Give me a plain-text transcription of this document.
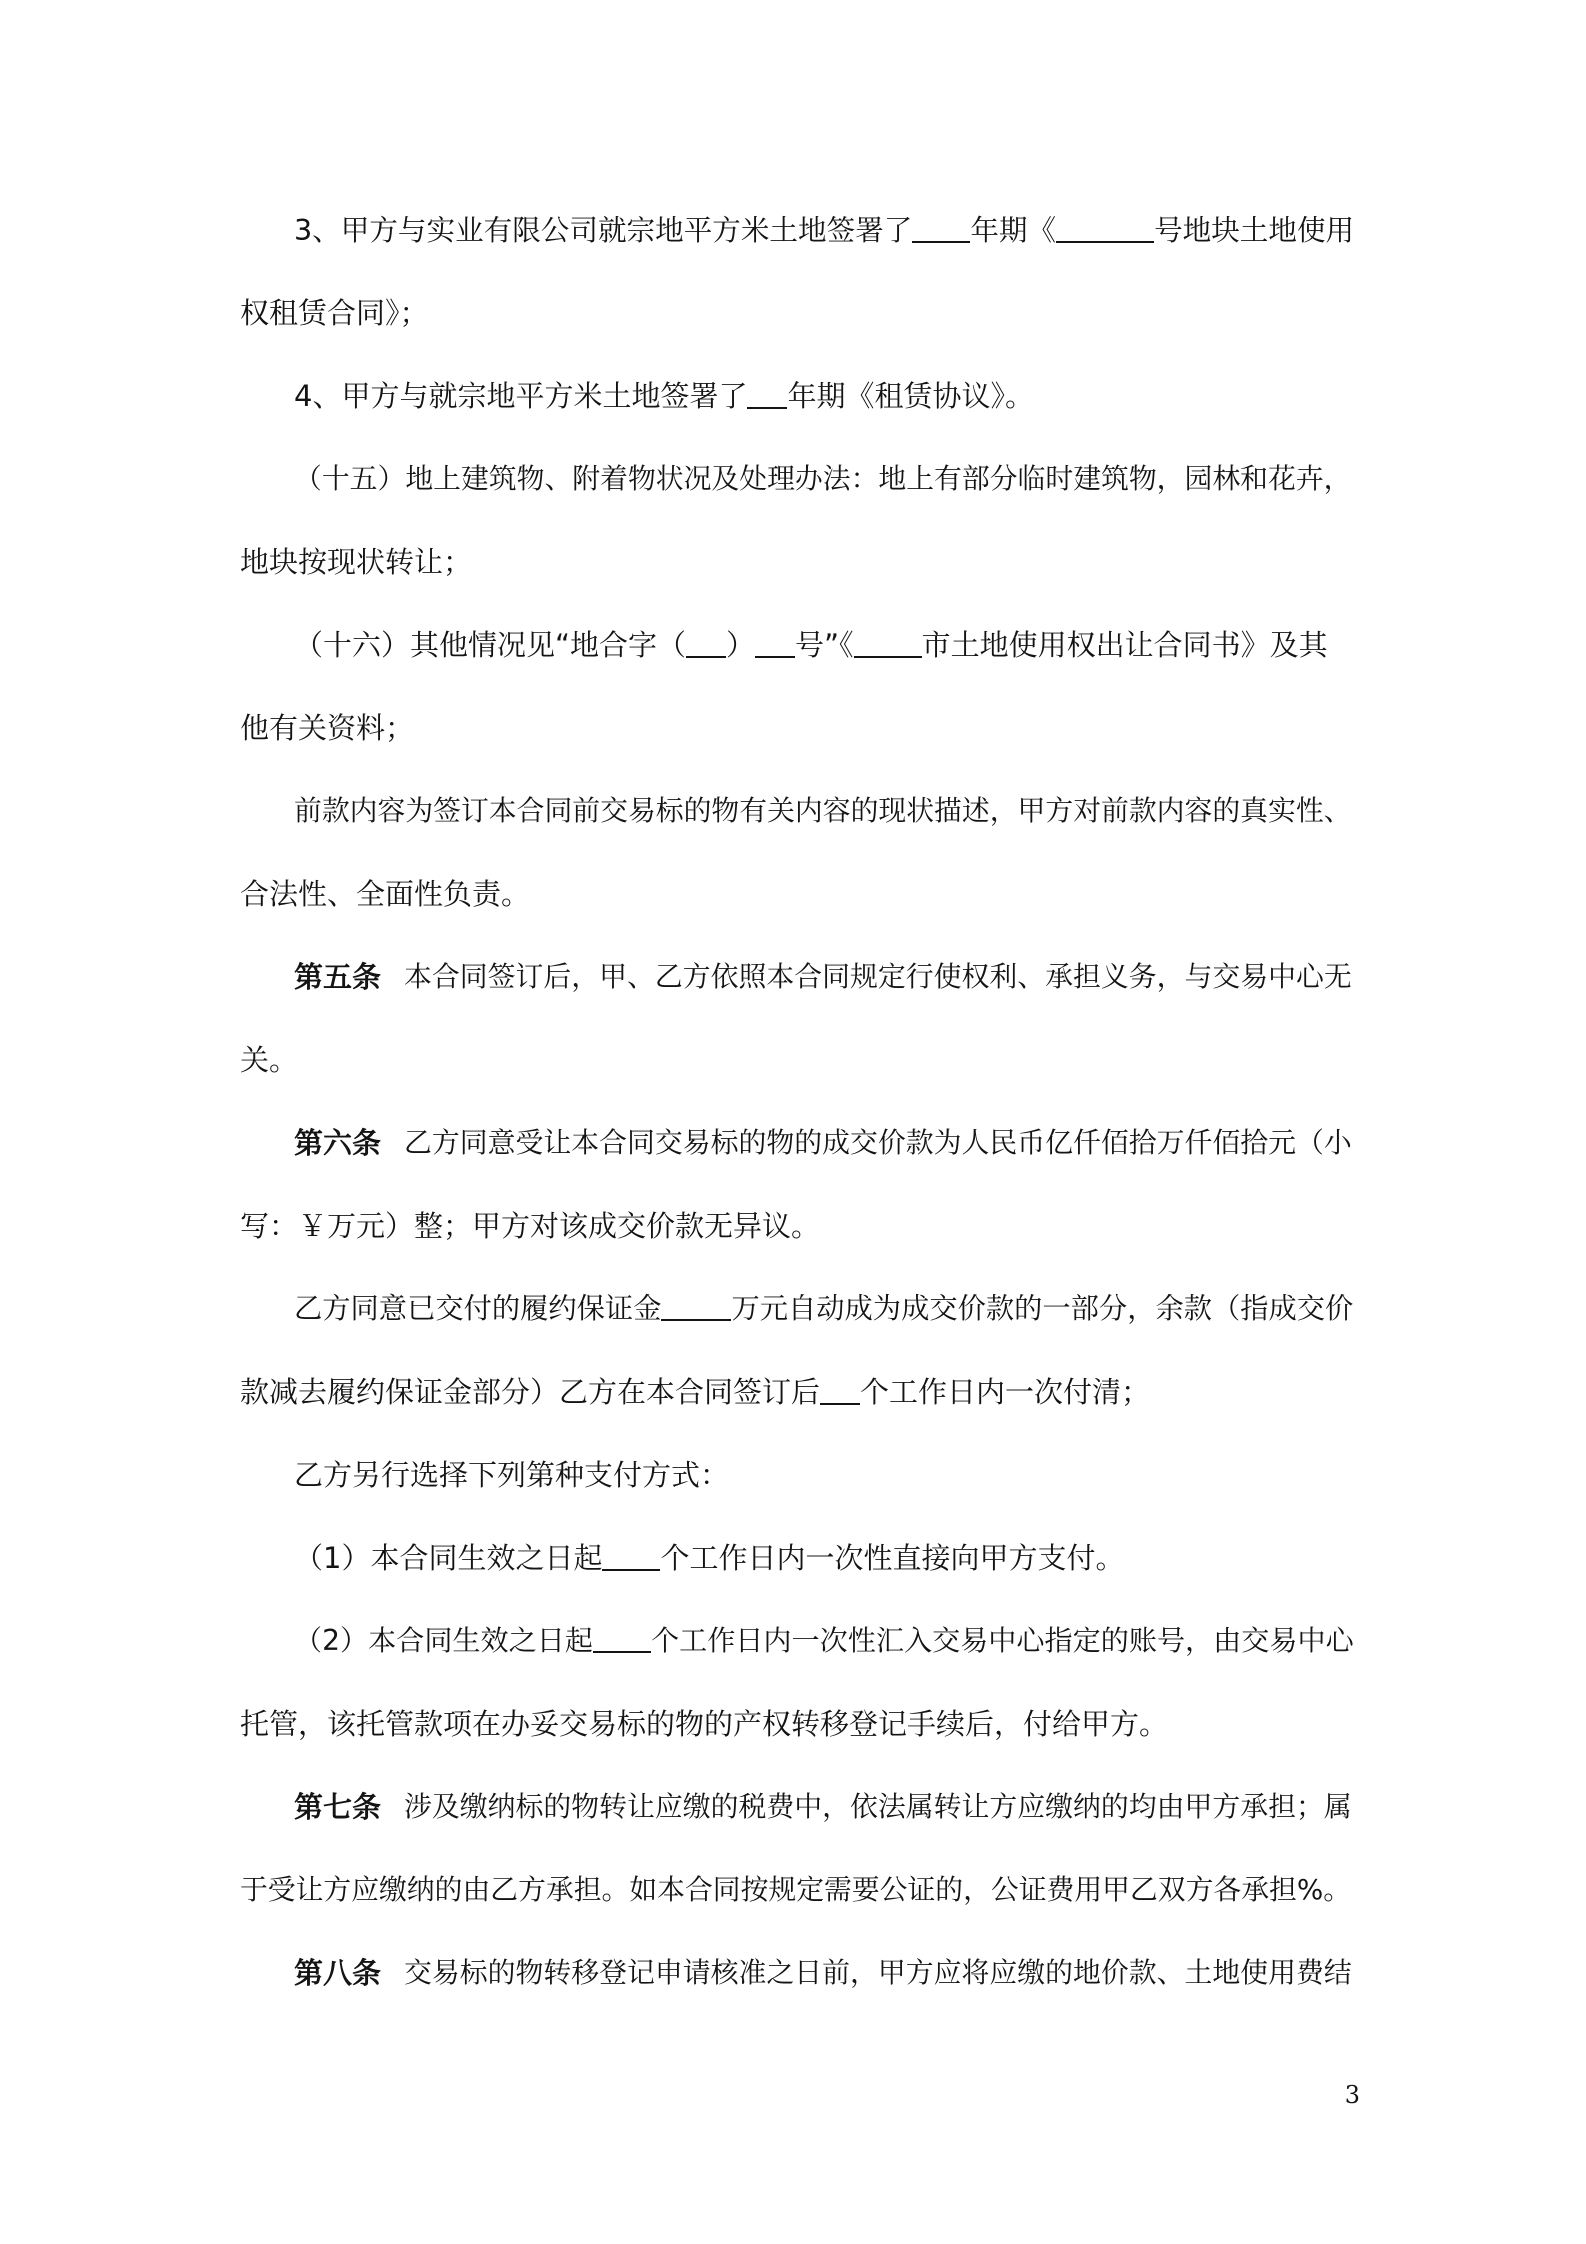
3、甲方与实业有限公司就宗地平方米土地签署了 年期《	号地块土地使用
权租赁合同》；
4、甲方与就宗地平方米土地签署了 年期《租赁协议》。
（十五）地上建筑物、附着物状况及处理办法：地上有部分临时建筑物，园林和花卉，
地块按现状转让；
（十六）其他情况见“地合字（ ） 号”《 市土地使用权出让合同书》及其
他有关资料；
前款内容为签订本合同前交易标的物有关内容的现状描述，甲方对前款内容的真实性、
合法性、全面性负责。
第五条 本合同签订后，甲、乙方依照本合同规定行使权利、承担义务，与交易中心无
关。
第六条 乙方同意受让本合同交易标的物的成交价款为人民币亿仟佰拾万仟佰拾元（小
写：￥万元）整；甲方对该成交价款无异议。
乙方同意已交付的履约保证金 万元自动成为成交价款的一部分，余款（指成交价
款减去履约保证金部分）乙方在本合同签订后 个工作日内一次付清；
乙方另行选择下列第种支付方式：
（1）本合同生效之日起 个工作日内一次性直接向甲方支付。
（2）本合同生效之日起 个工作日内一次性汇入交易中心指定的账号，由交易中心
托管，该托管款项在办妥交易标的物的产权转移登记手续后，付给甲方。
第七条 涉及缴纳标的物转让应缴的税费中，依法属转让方应缴纳的均由甲方承担；属
于受让方应缴纳的由乙方承担。如本合同按规定需要公证的，公证费用甲乙双方各承担%。
第八条 交易标的物转移登记申请核准之日前，甲方应将应缴的地价款、土地使用费结
3
